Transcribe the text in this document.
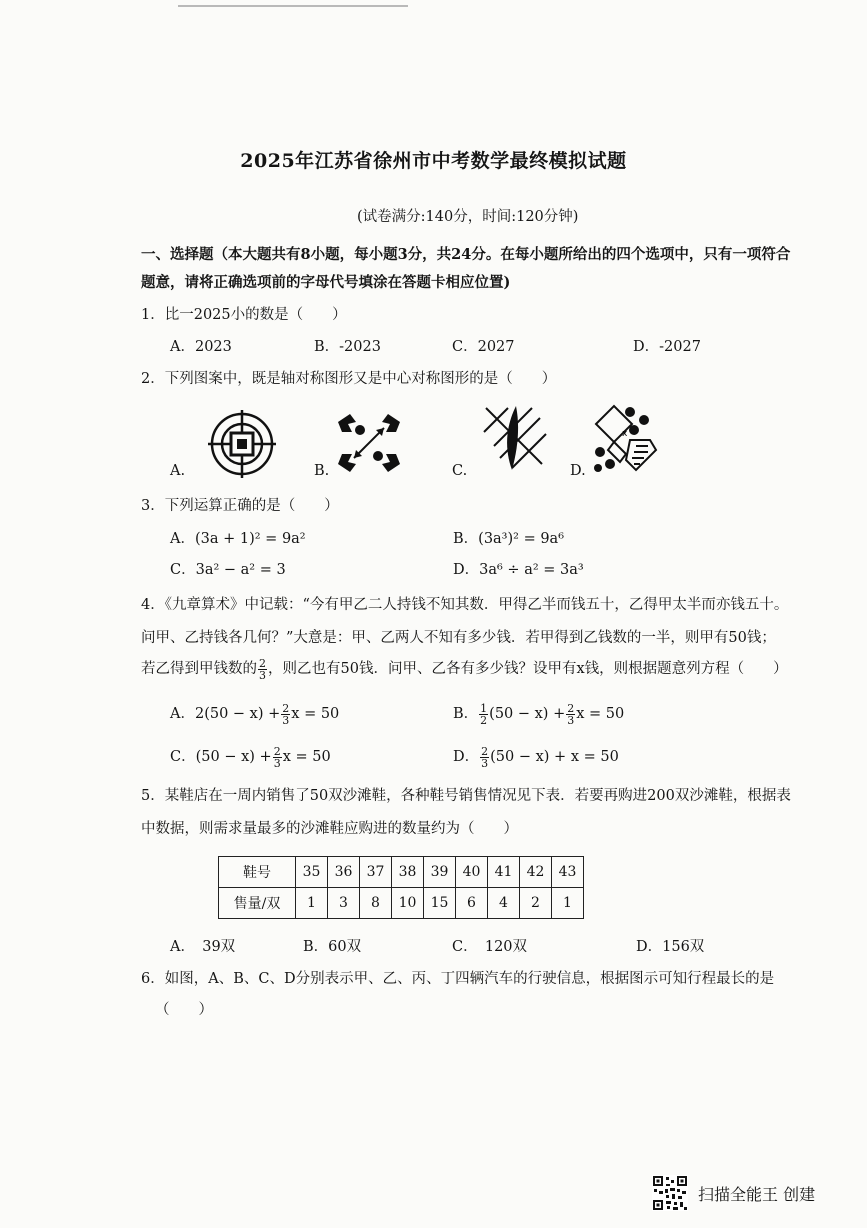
2025年江苏省徐州市中考数学最终模拟试题
(试卷满分:140分，时间:120分钟)
一、选择题（本大题共有8小题，每小题3分，共24分。在每小题所给出的四个选项中，只有一项符合
题意，请将正确选项前的字母代号填涂在答题卡相应位置)
1．比一2025小的数是（　　）
A．2023	B．-2023	C．2027	D．-2027
2．下列图案中，既是轴对称图形又是中心对称图形的是（　　）
A.	B.	C.	D.
x
3．下列运算正确的是（　　）
A．(3a + 1)² = 9a²	B．(3a³)² = 9a⁶
C．3a² − a² = 3	D．3a⁶ ÷ a² = 3a³
4．《九章算术》中记载：“今有甲乙二人持钱不知其数．甲得乙半而钱五十，乙得甲太半而亦钱五十。
问甲、乙持钱各几何？”大意是：甲、乙两人不知有多少钱．若甲得到乙钱数的一半，则甲有50钱；
若乙得到甲钱数的 $\frac{2}{3}$ ，则乙也有50钱．问甲、乙各有多少钱？设甲有x钱，则根据题意列方程（　　）
A．$2(50 - x) + \frac{2}{3}$ x = 50	B． $\frac{1}{2} (50 - x) + \frac{2}{3}$ x = 50
C．$(50 - x) + \frac{2}{3}$ x = 50	D． $\frac{2}{3} (50 - x) + x = 50$
5．某鞋店在一周内销售了50双沙滩鞋，各种鞋号销售情况见下表．若要再购进200双沙滩鞋，根据表
中数据，则需求量最多的沙滩鞋应购进的数量约为（　　）
鞋号	35	36	37	38	39	40	41	42	43
售量/双	1	3	8	10	15	6	4	2	1
A．　39双	B．60双	C．　120双	D．156双
6．如图，A、B、C、D分别表示甲、乙、丙、丁四辆汽车的行驶信息，根据图示可知行程最长的是
（　　）
扫描全能王 创建
